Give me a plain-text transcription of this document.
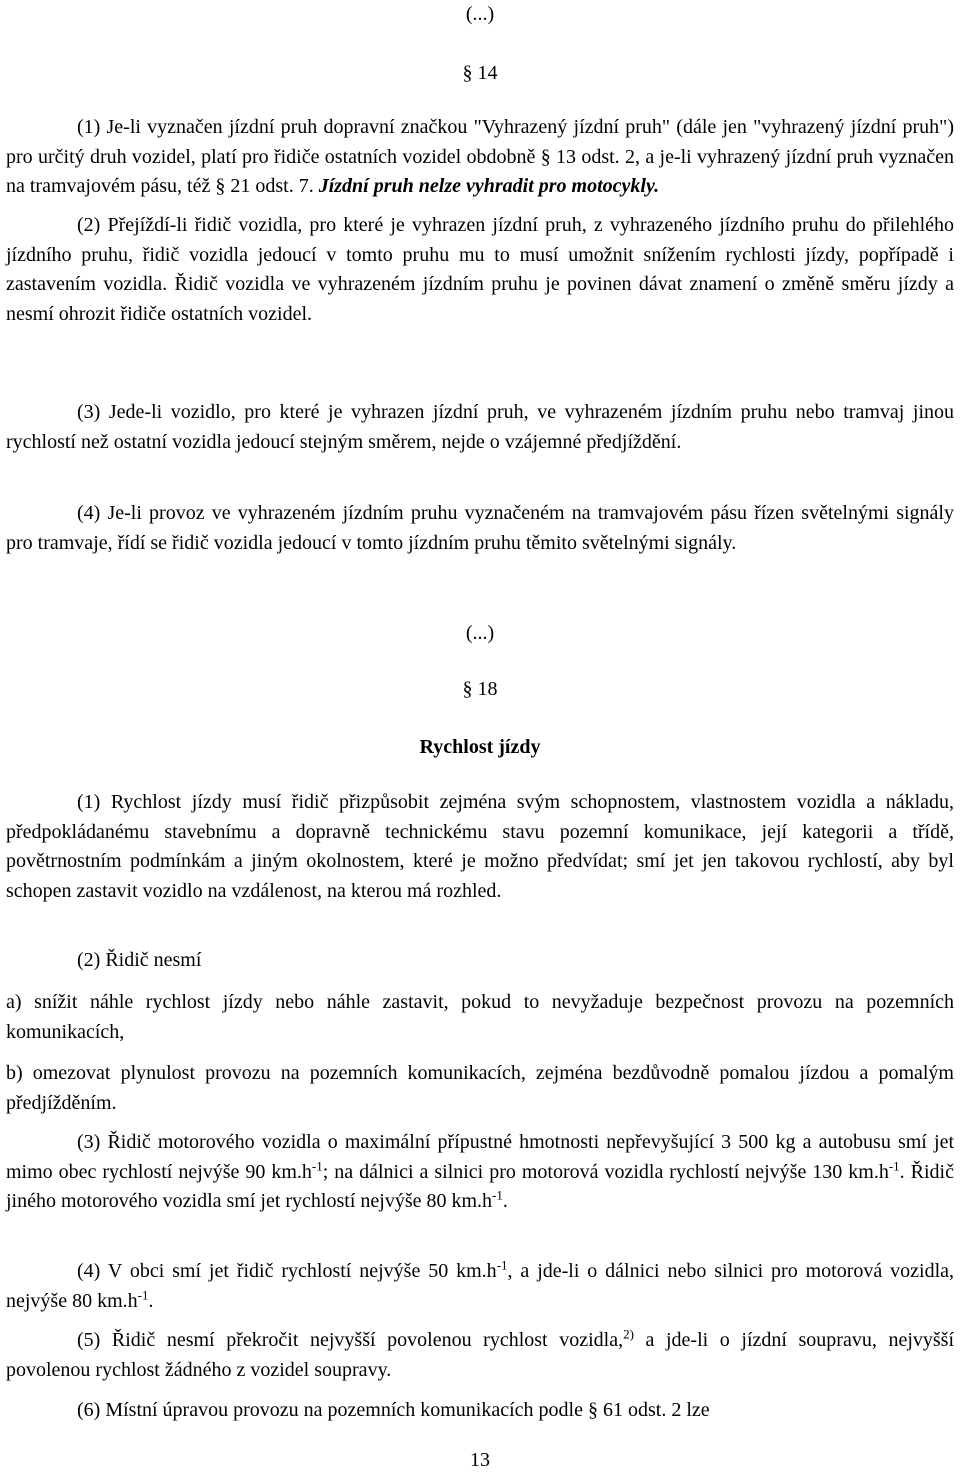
(...)
§ 14

(1) Je-li vyznačen jízdní pruh dopravní značkou "Vyhrazený jízdní pruh" (dále jen "vyhrazený jízdní pruh") pro určitý druh vozidel, platí pro řidiče ostatních vozidel obdobně § 13 odst. 2, a je-li vyhrazený jízdní pruh vyznačen na tramvajovém pásu, též § 21 odst. 7. Jízdní pruh nelze vyhradit pro motocykly.

(2) Přejíždí-li řidič vozidla, pro které je vyhrazen jízdní pruh, z vyhrazeného jízdního pruhu do přilehlého jízdního pruhu, řidič vozidla jedoucí v tomto pruhu mu to musí umožnit snížením rychlosti jízdy, popřípadě i zastavením vozidla. Řidič vozidla ve vyhrazeném jízdním pruhu je povinen dávat znamení o změně směru jízdy a nesmí ohrozit řidiče ostatních vozidel.

(3) Jede-li vozidlo, pro které je vyhrazen jízdní pruh, ve vyhrazeném jízdním pruhu nebo tramvaj jinou rychlostí než ostatní vozidla jedoucí stejným směrem, nejde o vzájemné předjíždění.

(4) Je-li provoz ve vyhrazeném jízdním pruhu vyznačeném na tramvajovém pásu řízen světelnými signály pro tramvaje, řídí se řidič vozidla jedoucí v tomto jízdním pruhu těmito světelnými signály.

(...)
§ 18
Rychlost jízdy

(1) Rychlost jízdy musí řidič přizpůsobit zejména svým schopnostem, vlastnostem vozidla a nákladu, předpokládanému stavebnímu a dopravně technickému stavu pozemní komunikace, její kategorii a třídě, povětrnostním podmínkám a jiným okolnostem, které je možno předvídat; smí jet jen takovou rychlostí, aby byl schopen zastavit vozidlo na vzdálenost, na kterou má rozhled.

(2) Řidič nesmí

a) snížit náhle rychlost jízdy nebo náhle zastavit, pokud to nevyžaduje bezpečnost provozu na pozemních komunikacích,

b) omezovat plynulost provozu na pozemních komunikacích, zejména bezdůvodně pomalou jízdou a pomalým předjížděním.

(3) Řidič motorového vozidla o maximální přípustné hmotnosti nepřevyšující 3 500 kg a autobusu smí jet mimo obec rychlostí nejvýše 90 $km.h^{-1}$; na dálnici a silnici pro motorová vozidla rychlostí nejvýše 130 $km.h^{-1}$. Řidič jiného motorového vozidla smí jet rychlostí nejvýše 80 $km.h^{-1}$.

(4) V obci smí jet řidič rychlostí nejvýše 50 $km.h^{-1}$, a jde-li o dálnici nebo silnici pro motorová vozidla, nejvýše 80 $km.h^{-1}$.

(5) Řidič nesmí překročit nejvyšší povolenou rychlost vozidla,$^{2)}$ a jde-li o jízdní soupravu, nejvyšší povolenou rychlost žádného z vozidel soupravy.

(6) Místní úpravou provozu na pozemních komunikacích podle § 61 odst. 2 lze

13
